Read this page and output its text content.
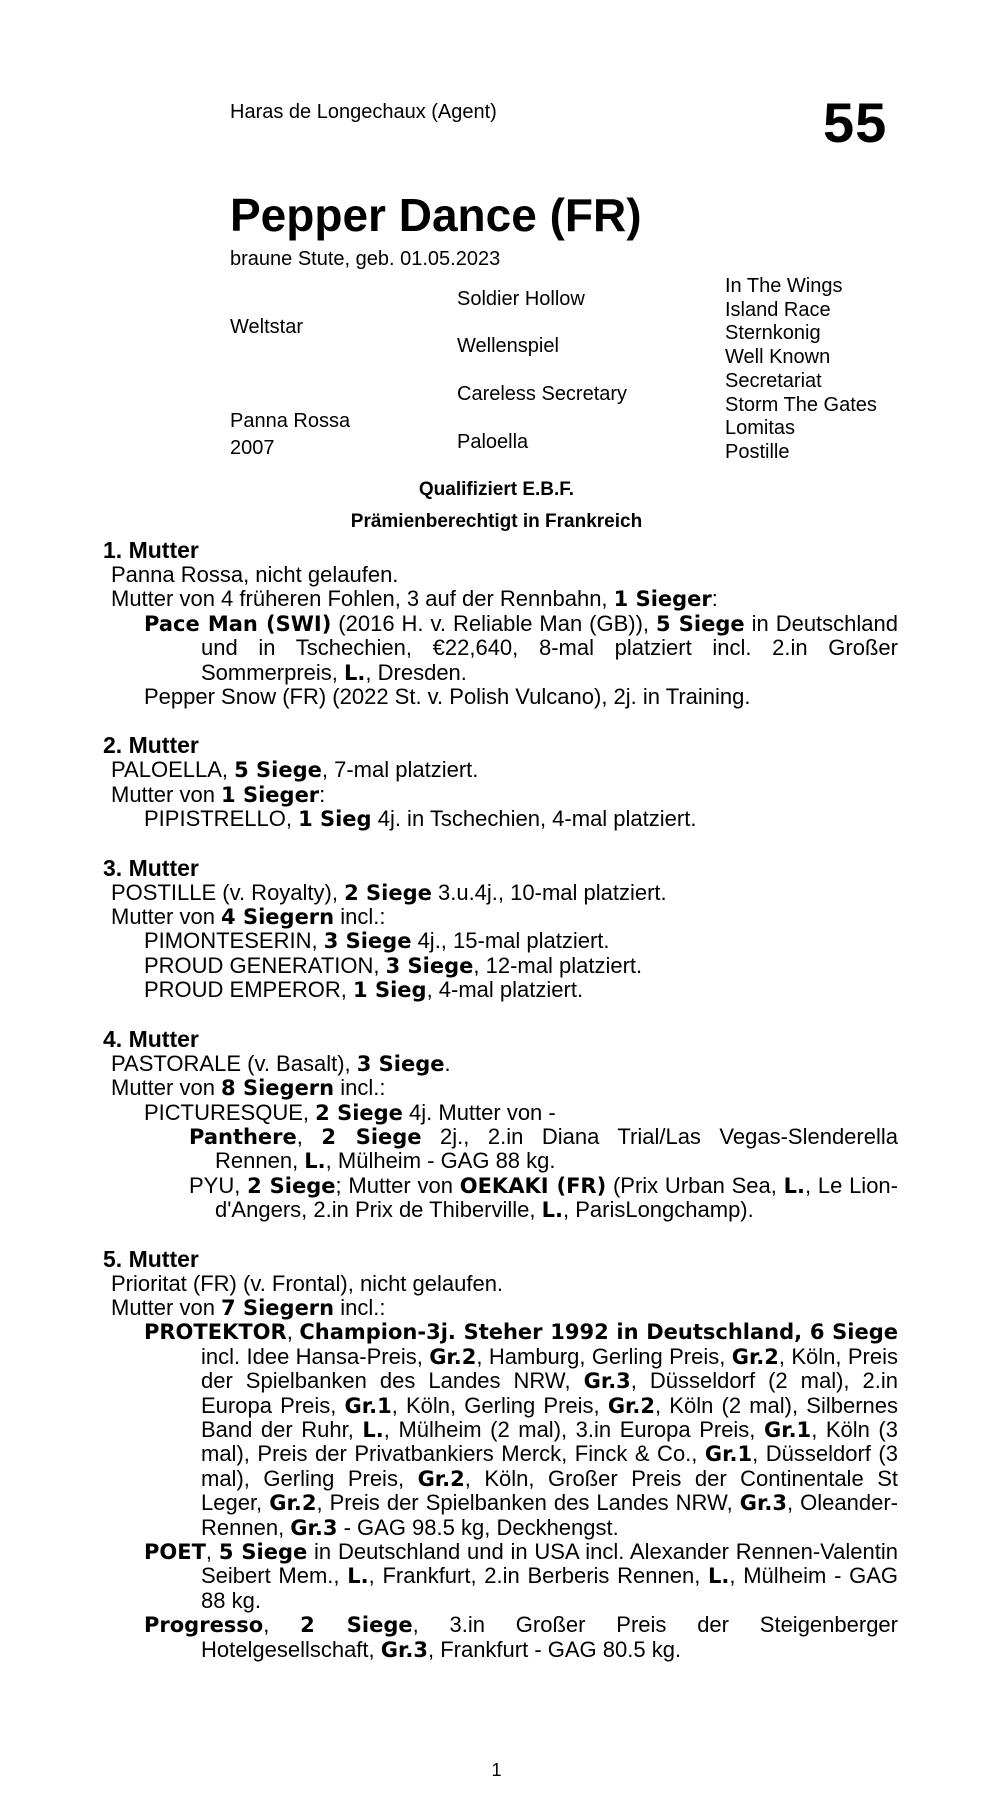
Haras de Longechaux (Agent)	55
Pepper Dance (FR)
braune Stute, geb. 01.05.2023
Weltstar
Panna Rossa
2007
Soldier Hollow
Wellenspiel
Careless Secretary
Paloella
In The Wings
Island Race
Sternkonig
Well Known
Secretariat
Storm The Gates
Lomitas
Postille
Qualifiziert E.B.F.
Prämienberechtigt in Frankreich
1. Mutter
Panna Rossa, nicht gelaufen.
Mutter von 4 früheren Fohlen, 3 auf der Rennbahn, 1 Sieger:
Pace Man (SWI) (2016 H. v. Reliable Man (GB)), 5 Siege in Deutschland und in Tschechien, €22,640, 8-mal platziert incl. 2.in Großer Sommerpreis, L., Dresden.
Pepper Snow (FR) (2022 St. v. Polish Vulcano), 2j. in Training.
2. Mutter
PALOELLA, 5 Siege, 7-mal platziert.
Mutter von 1 Sieger:
PIPISTRELLO, 1 Sieg 4j. in Tschechien, 4-mal platziert.
3. Mutter
POSTILLE (v. Royalty), 2 Siege 3.u.4j., 10-mal platziert.
Mutter von 4 Siegern incl.:
PIMONTESERIN, 3 Siege 4j., 15-mal platziert.
PROUD GENERATION, 3 Siege, 12-mal platziert.
PROUD EMPEROR, 1 Sieg, 4-mal platziert.
4. Mutter
PASTORALE (v. Basalt), 3 Siege.
Mutter von 8 Siegern incl.:
PICTURESQUE, 2 Siege 4j. Mutter von -
Panthere, 2 Siege 2j., 2.in Diana Trial/Las Vegas-Slenderella Rennen, L., Mülheim - GAG 88 kg.
PYU, 2 Siege; Mutter von OEKAKI (FR) (Prix Urban Sea, L., Le Lion-d'Angers, 2.in Prix de Thiberville, L., ParisLongchamp).
5. Mutter
Prioritat (FR) (v. Frontal), nicht gelaufen.
Mutter von 7 Siegern incl.:
PROTEKTOR, Champion-3j. Steher 1992 in Deutschland, 6 Siege incl. Idee Hansa-Preis, Gr.2, Hamburg, Gerling Preis, Gr.2, Köln, Preis der Spielbanken des Landes NRW, Gr.3, Düsseldorf (2 mal), 2.in Europa Preis, Gr.1, Köln, Gerling Preis, Gr.2, Köln (2 mal), Silbernes Band der Ruhr, L., Mülheim (2 mal), 3.in Europa Preis, Gr.1, Köln (3 mal), Preis der Privatbankiers Merck, Finck & Co., Gr.1, Düsseldorf (3 mal), Gerling Preis, Gr.2, Köln, Großer Preis der Continentale St Leger, Gr.2, Preis der Spielbanken des Landes NRW, Gr.3, Oleander-Rennen, Gr.3 - GAG 98.5 kg, Deckhengst.
POET, 5 Siege in Deutschland und in USA incl. Alexander Rennen-Valentin Seibert Mem., L., Frankfurt, 2.in Berberis Rennen, L., Mülheim - GAG 88 kg.
Progresso, 2 Siege, 3.in Großer Preis der Steigenberger Hotelgesellschaft, Gr.3, Frankfurt - GAG 80.5 kg.
1
